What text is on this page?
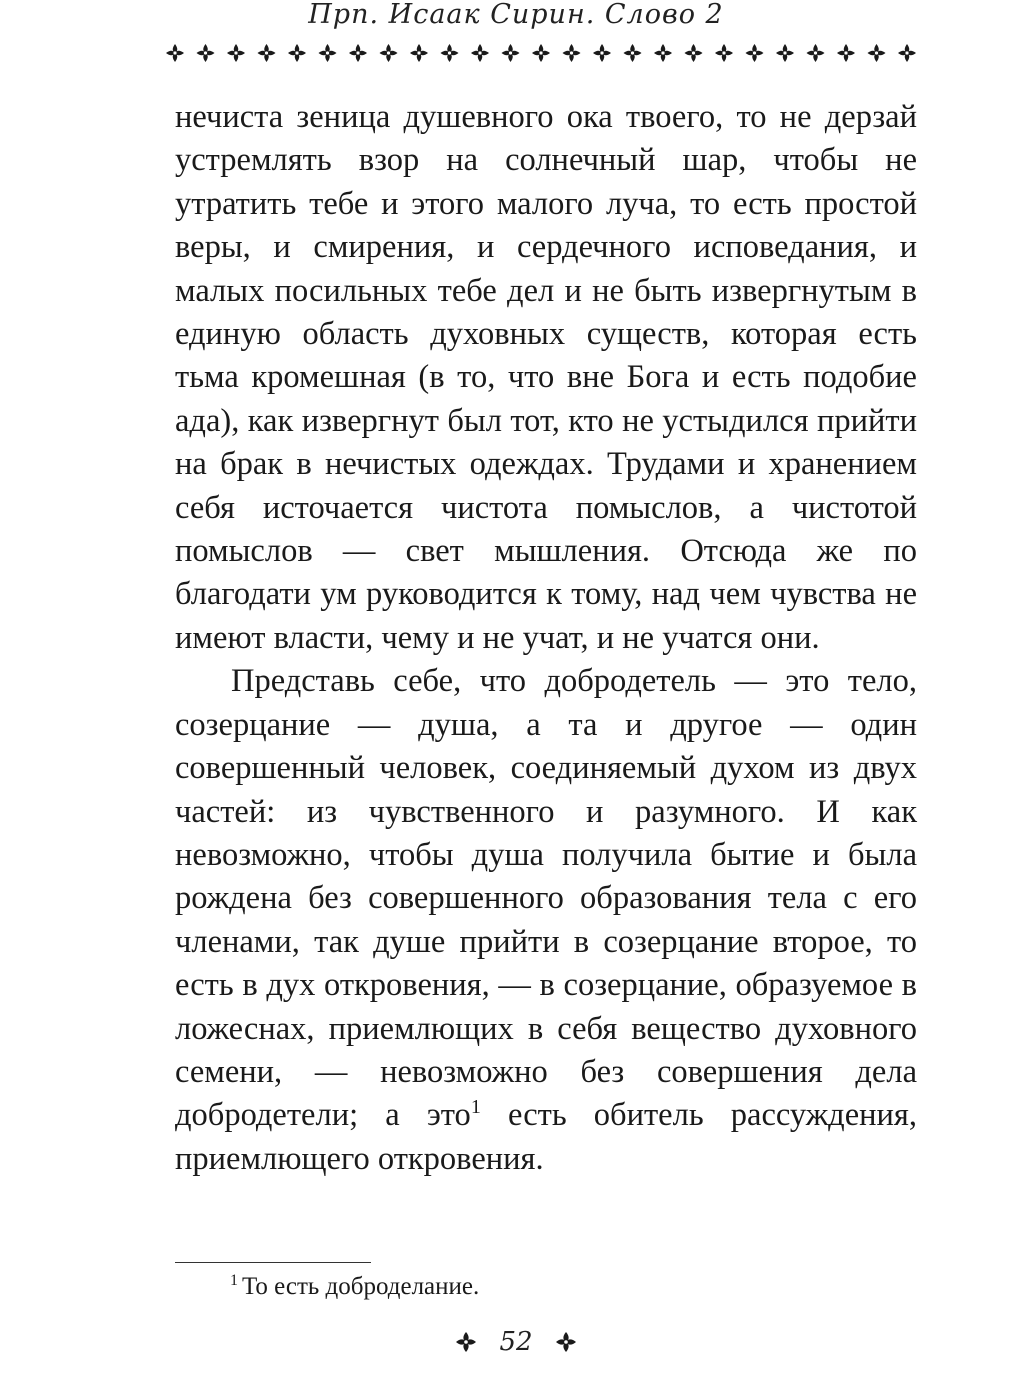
Прп. Исаак Сирин. Слово 2

нечиста зеница душевного ока твоего, то не дерзай устремлять взор на солнечный шар, чтобы не утратить тебе и этого малого луча, то есть простой веры, и смирения, и сердечного исповедания, и малых посильных тебе дел и не быть извергнутым в единую область духовных существ, которая есть тьма кромешная (в то, что вне Бога и есть подобие ада), как извергнут был тот, кто не устыдился прийти на брак в нечистых одеждах. Трудами и хранением себя источается чистота помыслов, а чистотой помыслов — свет мышления. Отсюда же по благодати ум руководится к тому, над чем чувства не имеют власти, чему и не учат, и не учатся они.

Представь себе, что добродетель — это тело, созерцание — душа, а та и другое — один совершенный человек, соединяемый духом из двух частей: из чувственного и разумного. И как невозможно, чтобы душа получила бытие и была рождена без совершенного образования тела с его членами, так душе прийти в созерцание второе, то есть в дух откровения, — в созерцание, образуемое в ложеснах, приемлющих в себя вещество духовного семени, — невозможно без совершения дела добродетели; а это$^1$ есть обитель рассуждения, приемлющего откровения.

$^1$ То есть доброделание.
52
